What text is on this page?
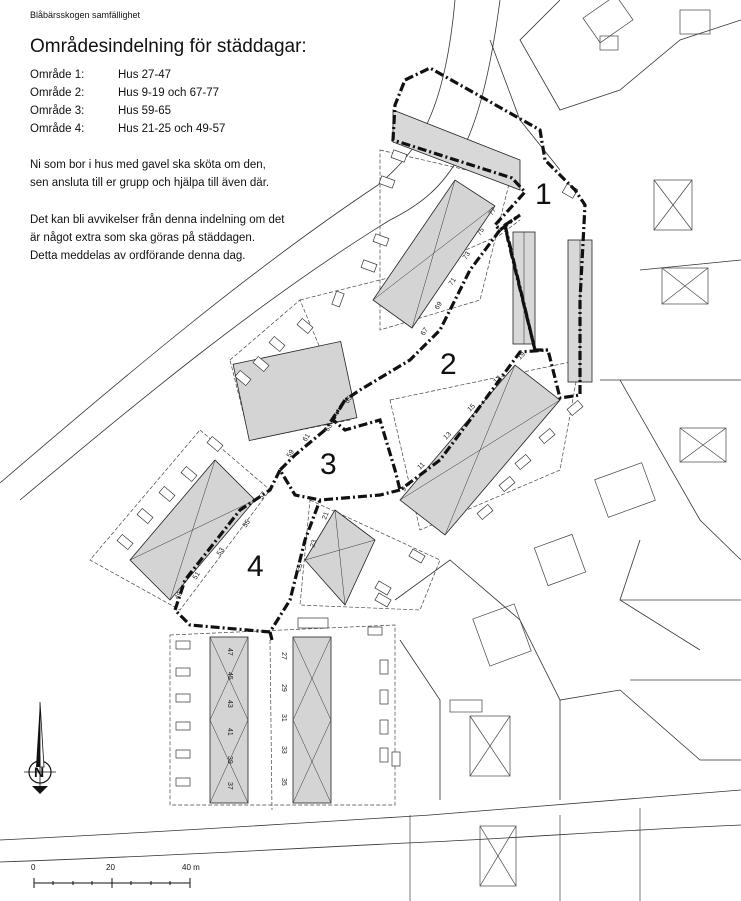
77
75
73
71
69
67
65
63
61
59
57
55
53
51
49
21
23
25
47
45
43
41
39
37
27
29
31
33
35
9
11
13
15
17
19
Blåbärsskogen samfällighet
Områdesindelning för städdagar:
Område 1:	Hus 27-47
Område 2:	Hus 9-19 och 67-77
Område 3:	Hus 59-65
Område 4:	Hus 21-25 och 49-57
Ni som bor i hus med gavel ska sköta om den,
sen ansluta till er grupp och hjälpa till även där.
Det kan bli avvikelser från denna indelning om det
är något extra som ska göras på städdagen.
Detta meddelas av ordförande denna dag.
1
2
3
4
N
0	20	40 m
